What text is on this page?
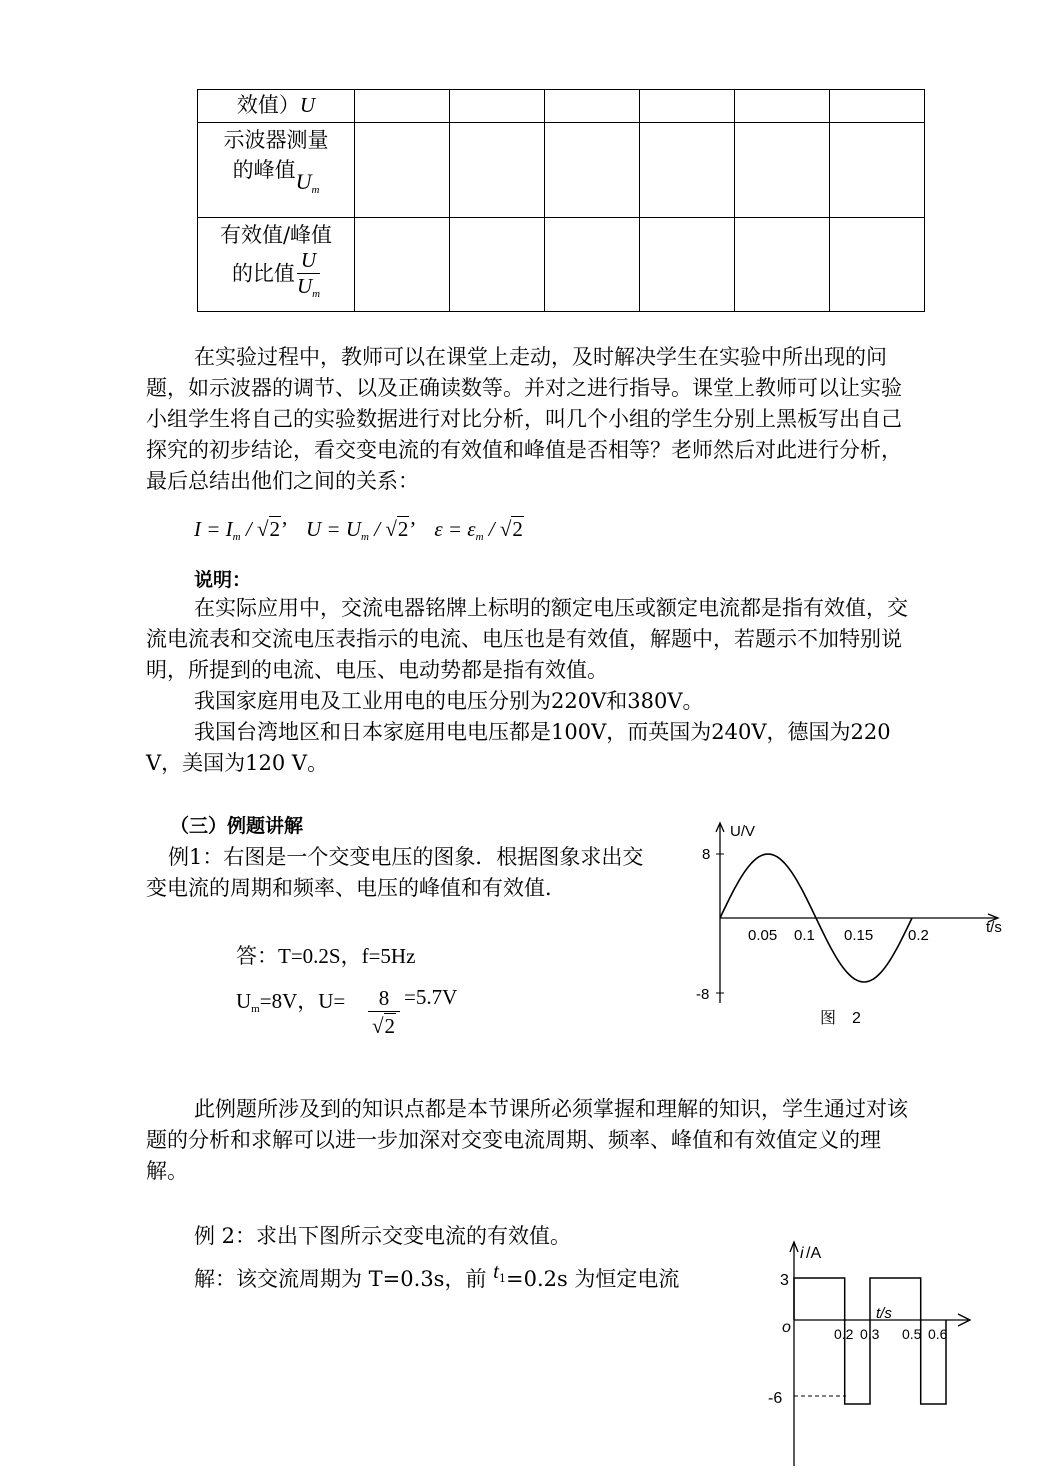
效值）U						

示波器测量
的峰值$U_m$

有效值/峰值
的比值 $\frac{U}{U_m}$

在实验过程中，教师可以在课堂上走动，及时解决学生在实验中所出现的问题，如示波器的调节、以及正确读数等。并对之进行指导。课堂上教师可以让实验小组学生将自己的实验数据进行对比分析，叫几个小组的学生分别上黑板写出自己探究的初步结论，看交变电流的有效值和峰值是否相等？老师然后对此进行分析，最后总结出他们之间的关系：

$I = I_m / √2$’ $U = U_m / √2$’ $\varepsilon = \varepsilon_m / √2$
说明：

在实际应用中，交流电器铭牌上标明的额定电压或额定电流都是指有效值，交流电流表和交流电压表指示的电流、电压也是有效值，解题中，若题示不加特别说明，所提到的电流、电压、电动势都是指有效值。

我国家庭用电及工业用电的电压分别为220V和380V。

我国台湾地区和日本家庭用电电压都是100V，而英国为240V，德国为220 V，美国为120 V。

（三）例题讲解

例1：右图是一个交变电压的图象．根据图象求出交变电流的周期和频率、电压的峰值和有效值．

答：T=0.2S，f=5Hz
$U_m=8V$，$U= \frac{8}{√2} =5.7V$
U/V
t/s
8
-8
0.05 0.1 0.15 0.2
图　2

此例题所涉及到的知识点都是本节课所必须掌握和理解的知识，学生通过对该题的分析和求解可以进一步加深对交变电流周期、频率、峰值和有效值定义的理解。

例 2：求出下图所示交变电流的有效值。
解：该交流周期为 T=0.3s，前 $t_1=0.2s$ 为恒定电流
i /A
3
-6
o
t/s
0.2 0.3 0.5 0.6
